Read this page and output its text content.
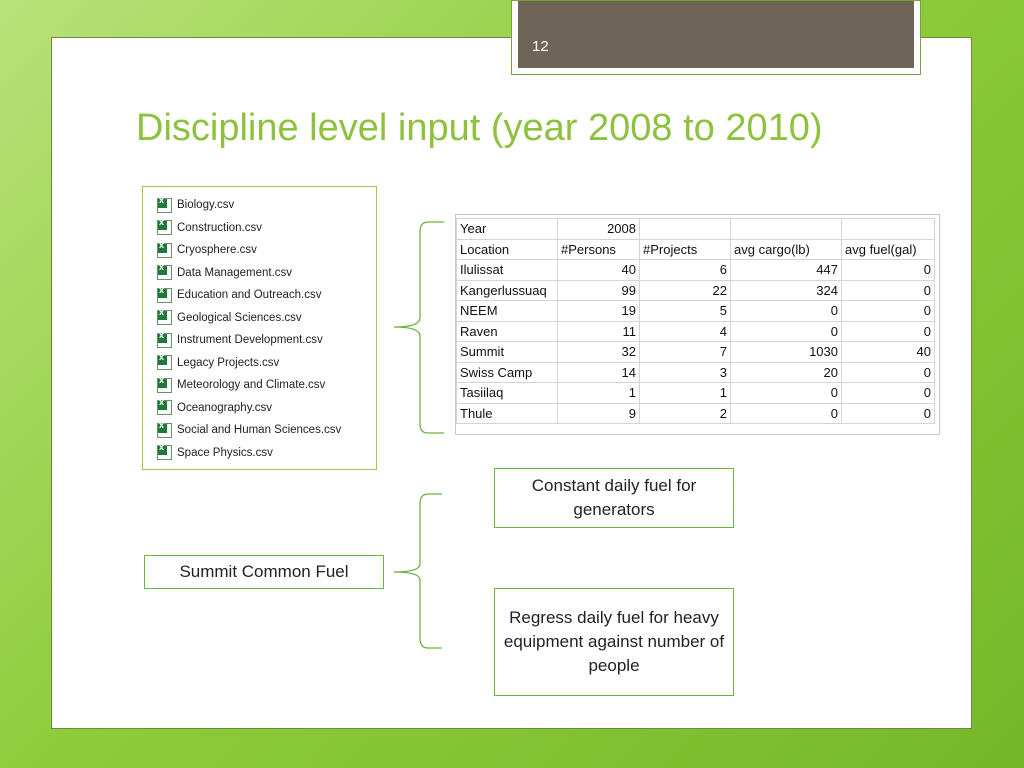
12
Discipline level input (year 2008 to 2010)
x
Biology.csv
x
Construction.csv
x
Cryosphere.csv
x
Data Management.csv
x
Education and Outreach.csv
x
Geological Sciences.csv
x
Instrument Development.csv
x
Legacy Projects.csv
x
Meteorology and Climate.csv
x
Oceanography.csv
x
Social and Human Sciences.csv
x
Space Physics.csv
Year	2008			
Location	#Persons	#Projects	avg cargo(lb)	avg fuel(gal)
Ilulissat	40	6	447	0
Kangerlussuaq	99	22	324	0
NEEM	19	5	0	0
Raven	11	4	0	0
Summit	32	7	1030	40
Swiss Camp	14	3	20	0
Tasiilaq	1	1	0	0
Thule	9	2	0	0
Constant daily fuel for generators
Summit Common Fuel
Regress daily fuel for heavy equipment against number of people
